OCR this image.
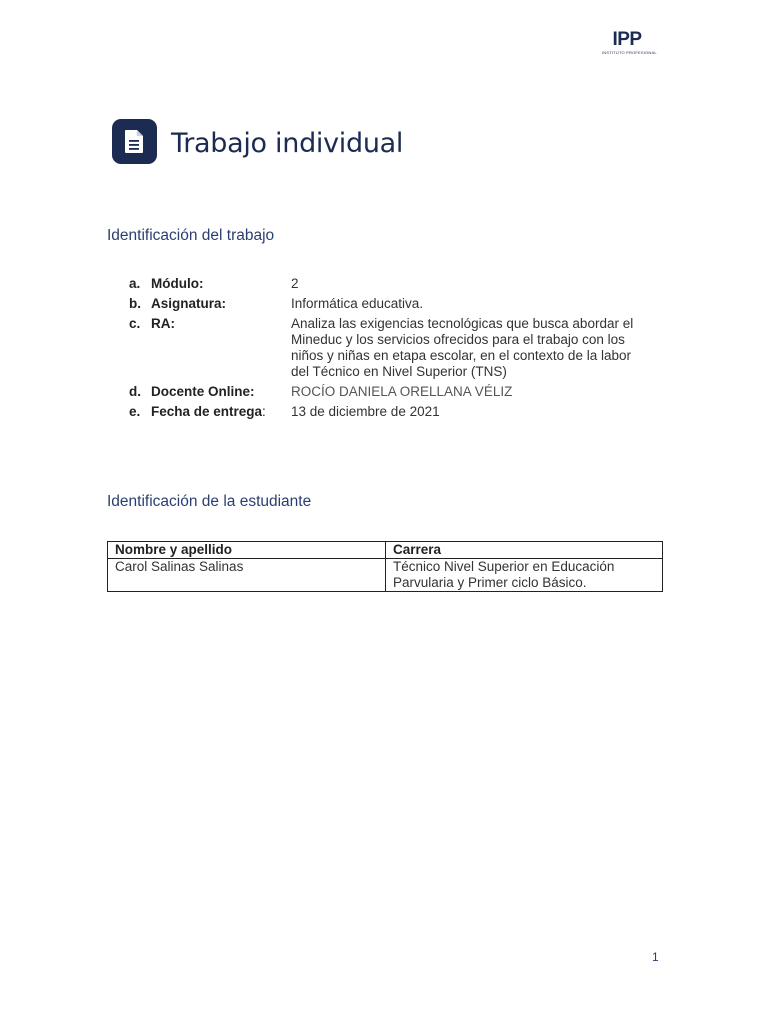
IPP
INSTITUTO PROFESIONAL
Trabajo individual
Identificación del trabajo
a. Módulo:	2
b. Asignatura:	Informática educativa.
c. RA:	Analiza las exigencias tecnológicas que busca abordar el Mineduc y los servicios ofrecidos para el trabajo con los niños y niñas en etapa escolar, en el contexto de la labor del Técnico en Nivel Superior (TNS)
d. Docente Online:	ROCÍO DANIELA ORELLANA VÉLIZ
e. Fecha de entrega:	13 de diciembre de 2021
Identificación de la estudiante
Nombre y apellido	Carrera
Carol Salinas Salinas	Técnico Nivel Superior en Educación Parvularia y Primer ciclo Básico.
1
